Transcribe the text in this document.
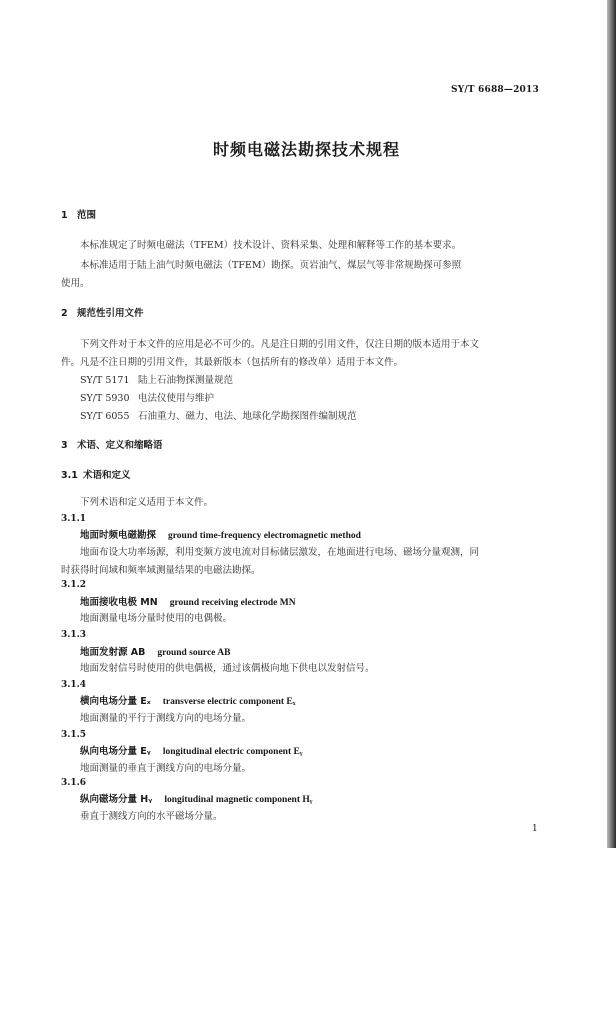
SY/T 6688—2013
时频电磁法勘探技术规程
1 范围
本标准规定了时频电磁法（TFEM）技术设计、资料采集、处理和解释等工作的基本要求。
本标准适用于陆上油气时频电磁法（TFEM）勘探。页岩油气、煤层气等非常规勘探可参照
使用。
2 规范性引用文件
下列文件对于本文件的应用是必不可少的。凡是注日期的引用文件，仅注日期的版本适用于本文
件。凡是不注日期的引用文件，其最新版本（包括所有的修改单）适用于本文件。
SY/T 5171 陆上石油物探测量规范
SY/T 5930 电法仪使用与维护
SY/T 6055 石油重力、磁力、电法、地球化学勘探图件编制规范
3 术语、定义和缩略语
3.1 术语和定义
下列术语和定义适用于本文件。
3.1.1
地面时频电磁勘探 ground time-frequency electromagnetic method
地面布设大功率场源，利用变频方波电流对目标储层激发，在地面进行电场、磁场分量观测，同
时获得时间域和频率域测量结果的电磁法勘探。
3.1.2
地面接收电极 MN ground receiving electrode MN
地面测量电场分量时使用的电偶极。
3.1.3
地面发射源 AB ground source AB
地面发射信号时使用的供电偶极，通过该偶极向地下供电以发射信号。
3.1.4
横向电场分量 Eₓ transverse electric component Eₓ
地面测量的平行于测线方向的电场分量。
3.1.5
纵向电场分量 Eᵧ longitudinal electric component Eᵧ
地面测量的垂直于测线方向的电场分量。
3.1.6
纵向磁场分量 Hᵧ longitudinal magnetic component Hᵧ
垂直于测线方向的水平磁场分量。
1
